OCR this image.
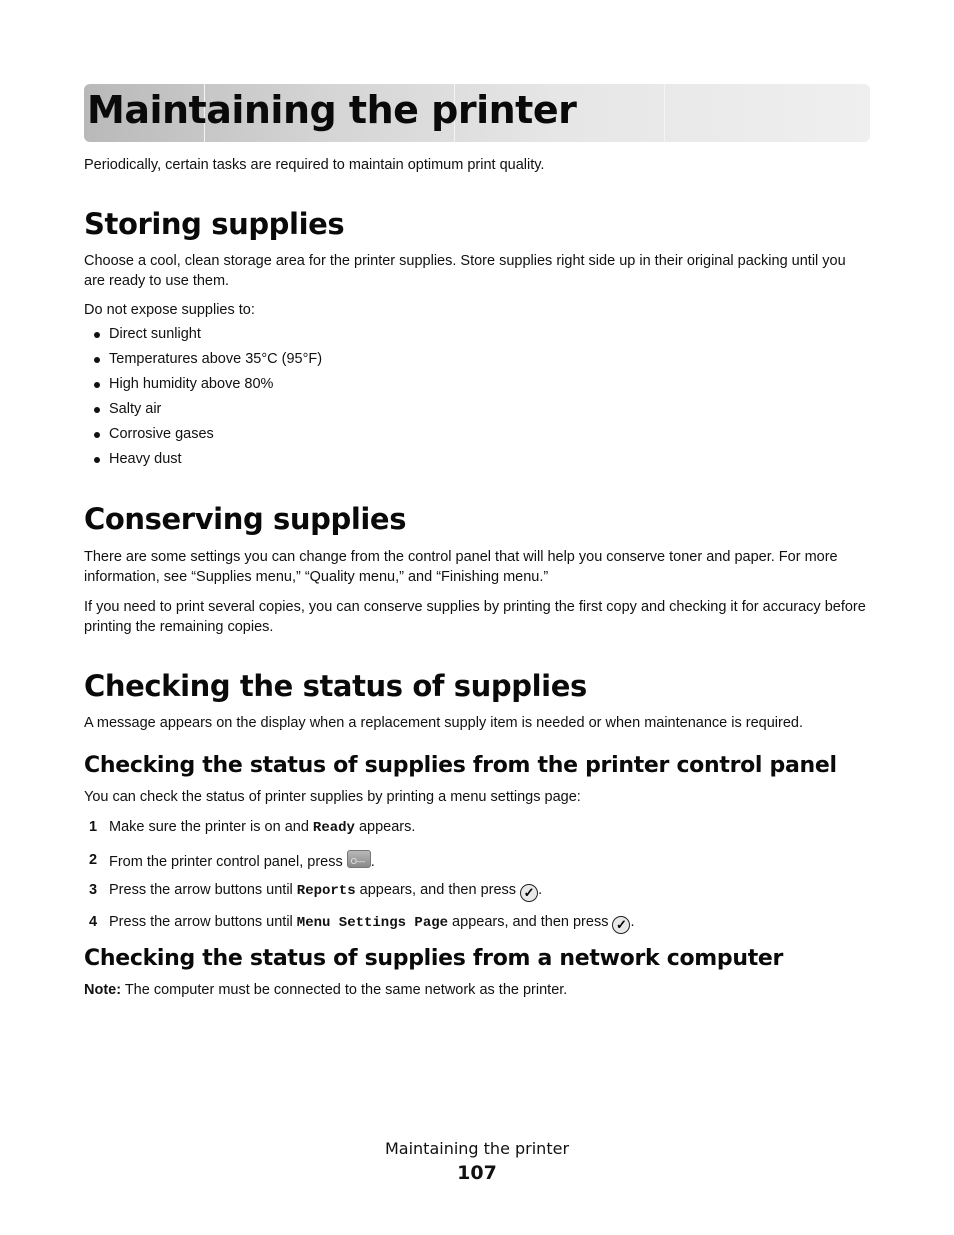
Maintaining the printer

Periodically, certain tasks are required to maintain optimum print quality.

Storing supplies

Choose a cool, clean storage area for the printer supplies. Store supplies right side up in their original packing until you are ready to use them.

Do not expose supplies to:

Direct sunlight
Temperatures above 35°C (95°F)
High humidity above 80%
Salty air
Corrosive gases
Heavy dust
Conserving supplies

There are some settings you can change from the control panel that will help you conserve toner and paper. For more information, see “Supplies menu,” “Quality menu,” and “Finishing menu.”

If you need to print several copies, you can conserve supplies by printing the first copy and checking it for accuracy before printing the remaining copies.

Checking the status of supplies

A message appears on the display when a replacement supply item is needed or when maintenance is required.

Checking the status of supplies from the printer control panel

You can check the status of printer supplies by printing a menu settings page:

1 Make sure the printer is on and Ready appears.
2 From the printer control panel, press O—.
3 Press the arrow buttons until Reports appears, and then press ✓ .
4 Press the arrow buttons until Menu Settings Page appears, and then press ✓ .
Checking the status of supplies from a network computer

Note: The computer must be connected to the same network as the printer.

Maintaining the printer
107
